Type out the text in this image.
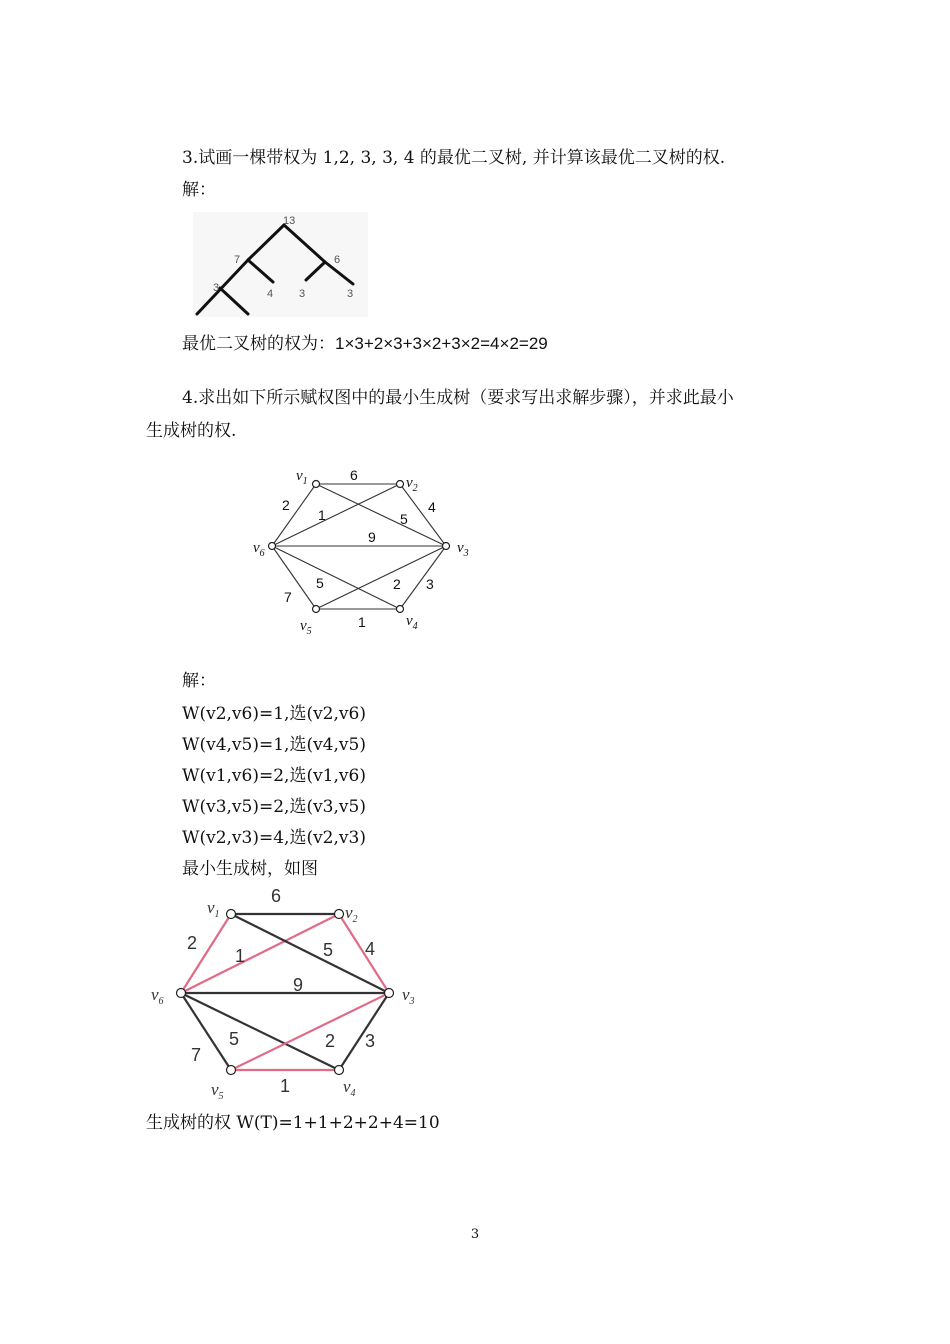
3.试画一棵带权为 1,2, 3, 3, 4 的最优二叉树, 并计算该最优二叉树的权.
解：
13
7	6
3	4 3	3
最优二叉树的权为：1×3+2×3+3×2+3×2=4×2=29
4.求出如下所示赋权图中的最小生成树（要求写出求解步骤），并求此最小
生成树的权.
6
2
1	5
4
9
7
2
5	3
1
$v_1$	$v_2$
$v_3$
$v_4$
$v_5$
$v_6$
解：
W(v2,v6)=1,选(v2,v6)
W(v4,v5)=1,选(v4,v5)
W(v1,v6)=2,选(v1,v6)
W(v3,v5)=2,选(v3,v5)
W(v2,v3)=4,选(v2,v3)
最小生成树，如图
6
2
1	5 4
9
7
2
5	3
1
$v_1$	$v_2$
$v_3$
$v_4$
$v_5$
$v_6$
生成树的权 W(T)=1+1+2+2+4=10
3
